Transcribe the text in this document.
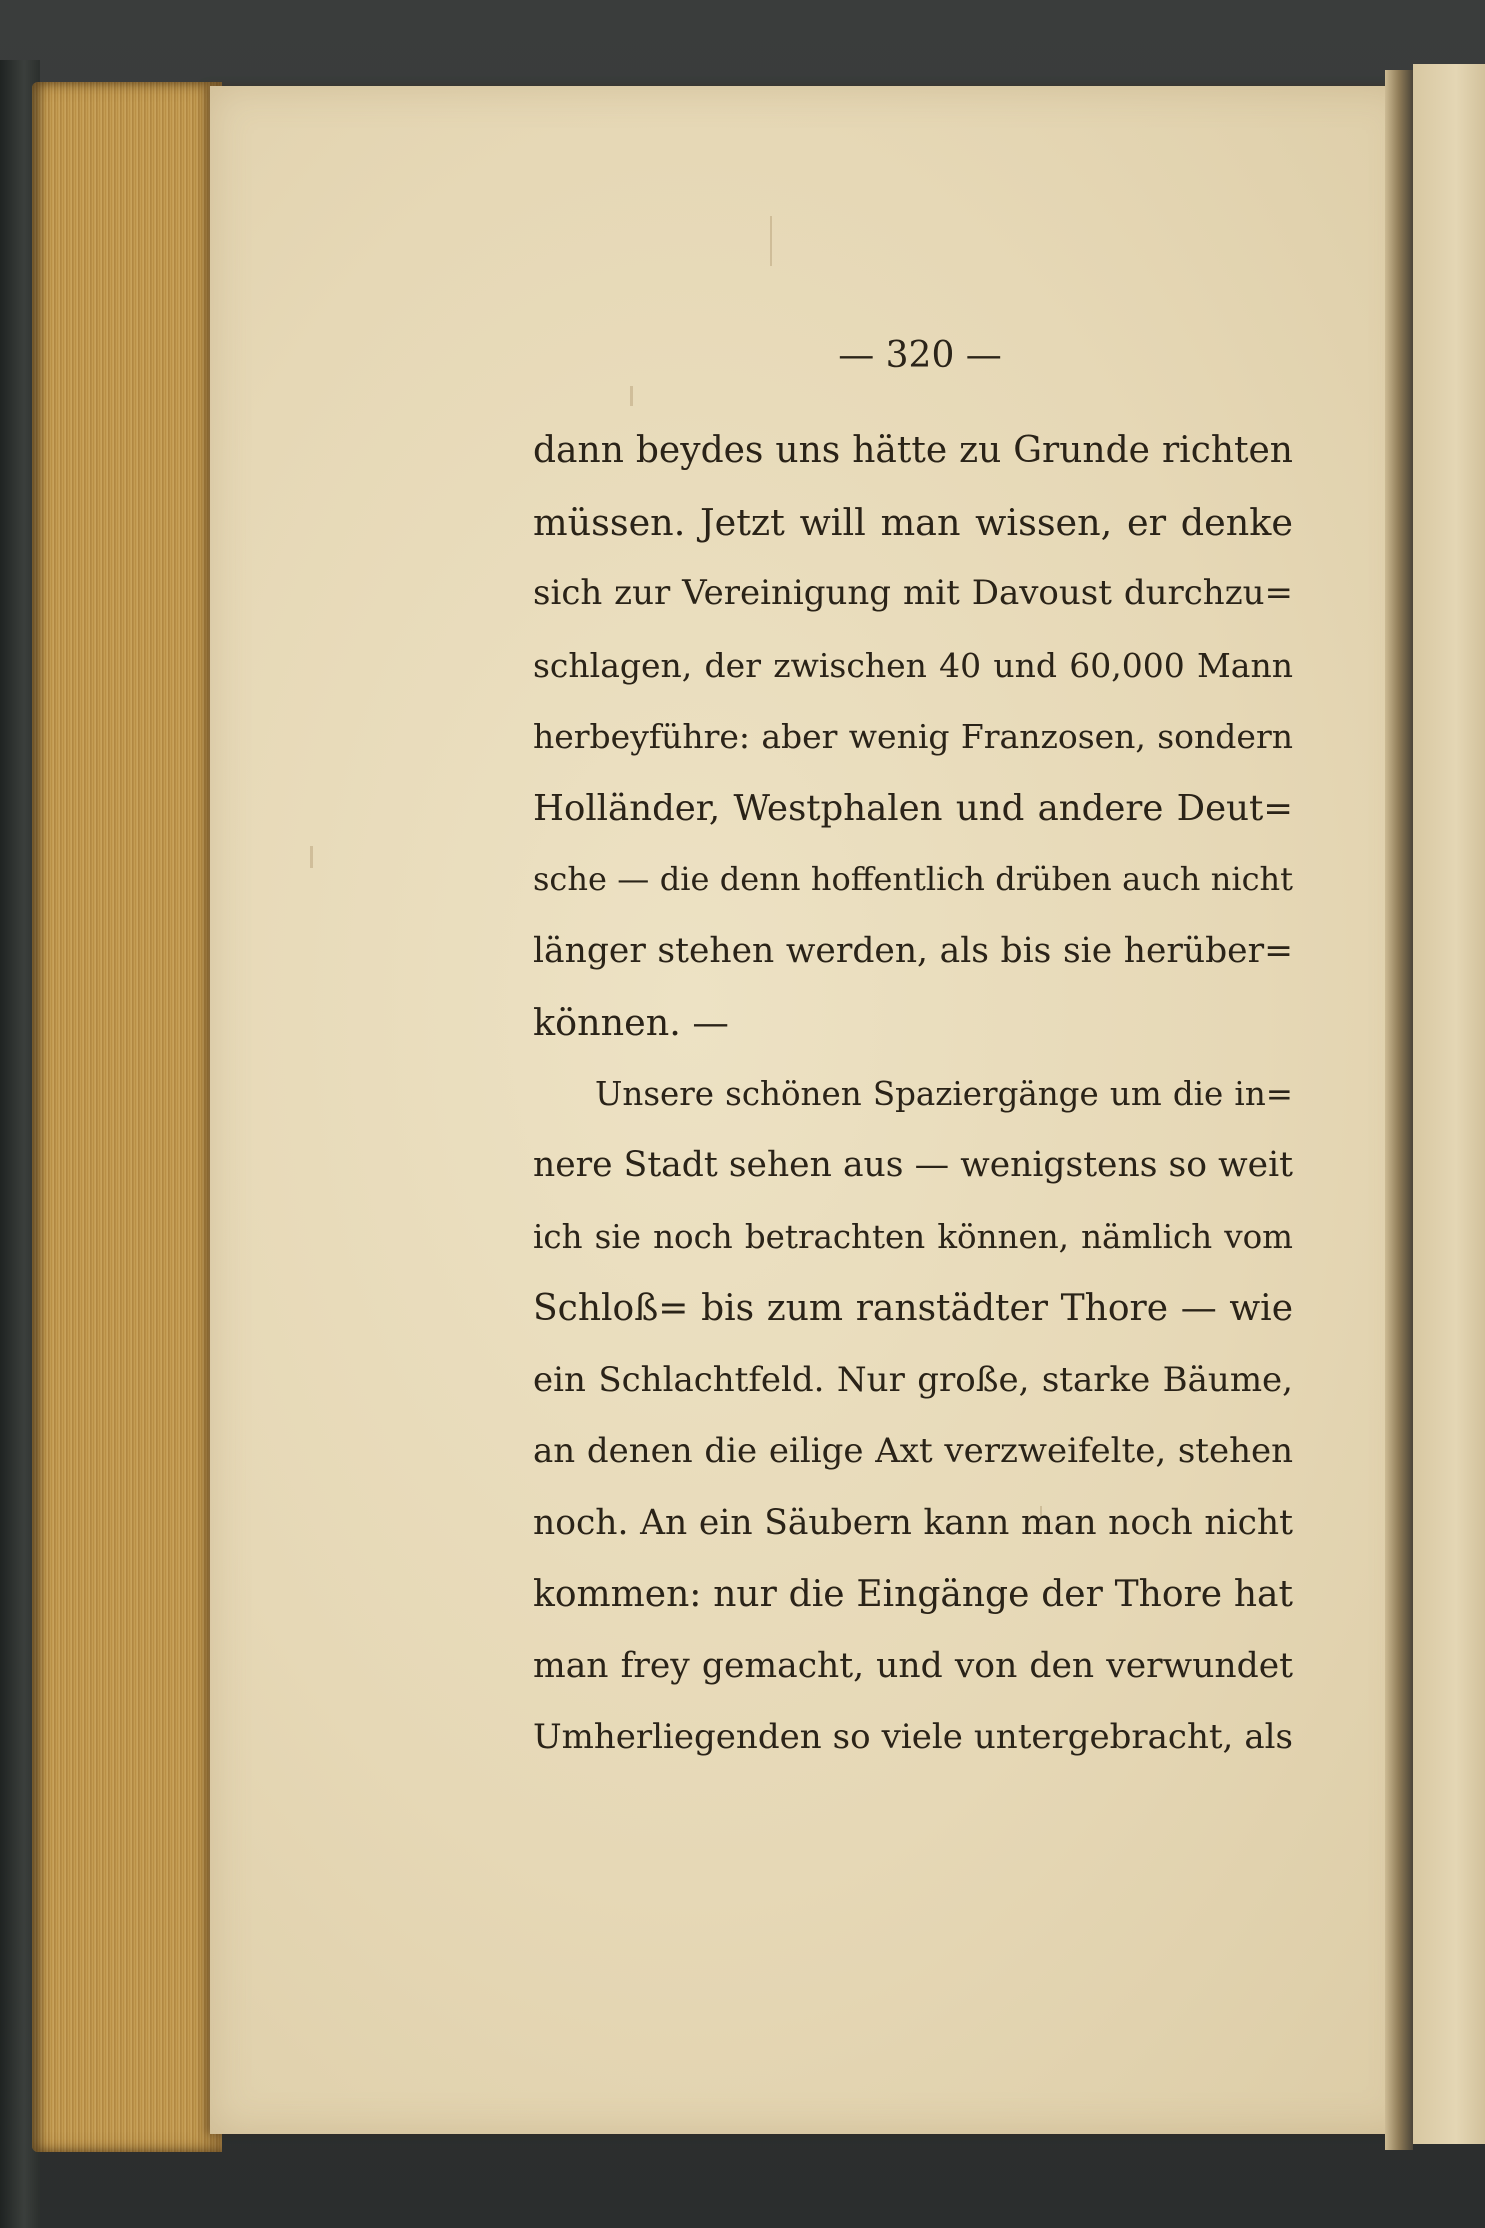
— 320 —
dann beydes uns hätte zu Grunde richten
müssen. Jetzt will man wissen, er denke
sich zur Vereinigung mit Davoust durchzu=
schlagen, der zwischen 40 und 60,000 Mann
herbeyführe: aber wenig Franzosen, sondern
Holländer, Westphalen und andere Deut=
sche — die denn hoffentlich drüben auch nicht
länger stehen werden, als bis sie herüber=
können. —
Unsere schönen Spaziergänge um die in=
nere Stadt sehen aus — wenigstens so weit
ich sie noch betrachten können, nämlich vom
Schloß= bis zum ranstädter Thore — wie
ein Schlachtfeld. Nur große, starke Bäume,
an denen die eilige Axt verzweifelte, stehen
noch. An ein Säubern kann man noch nicht
kommen: nur die Eingänge der Thore hat
man frey gemacht, und von den verwundet
Umherliegenden so viele untergebracht, als
